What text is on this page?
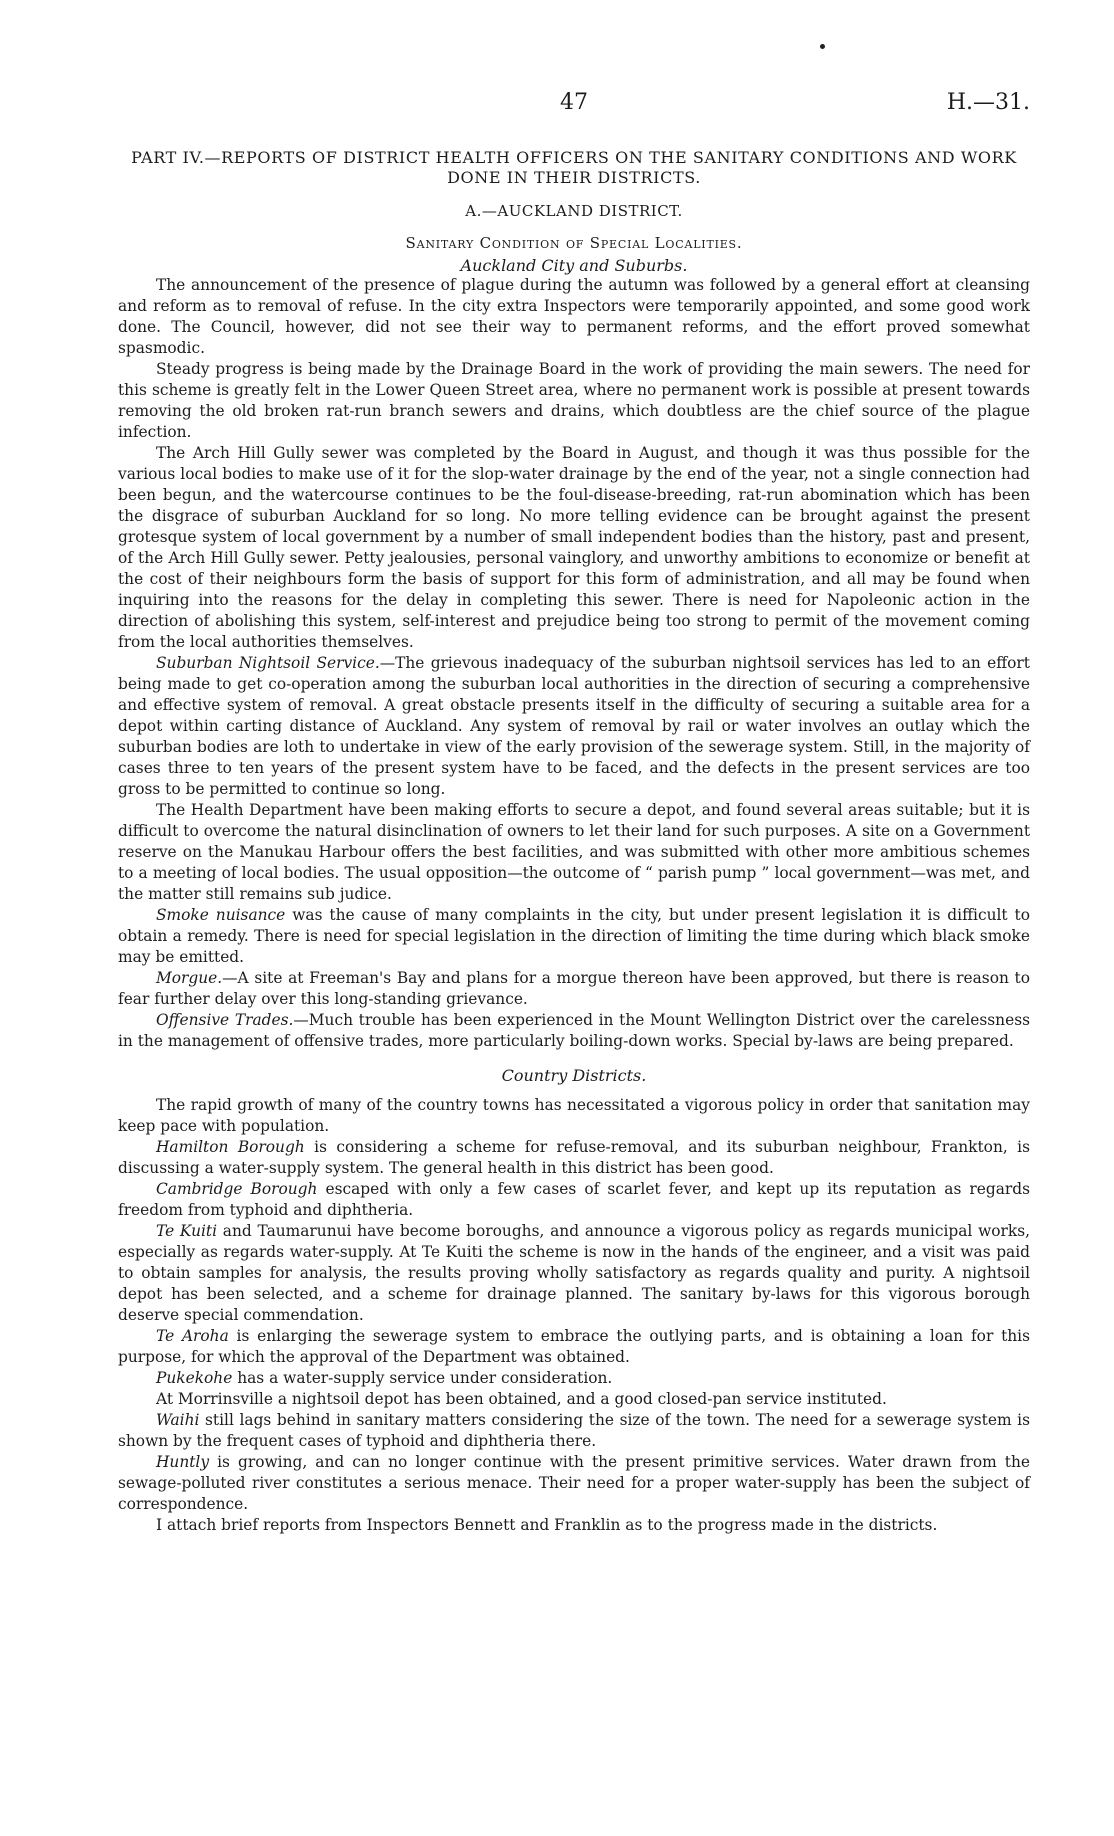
47	H.—31.
PART IV.—REPORTS OF DISTRICT HEALTH OFFICERS ON THE SANITARY CONDITIONS AND WORK DONE IN THEIR DISTRICTS.
A.—AUCKLAND DISTRICT.
Sanitary Condition of Special Localities.
Auckland City and Suburbs.

The announcement of the presence of plague during the autumn was followed by a general effort at cleansing and reform as to removal of refuse. In the city extra Inspectors were temporarily appointed, and some good work done. The Council, however, did not see their way to permanent reforms, and the effort proved somewhat spasmodic.

Steady progress is being made by the Drainage Board in the work of providing the main sewers. The need for this scheme is greatly felt in the Lower Queen Street area, where no permanent work is possible at present towards removing the old broken rat-run branch sewers and drains, which doubtless are the chief source of the plague infection.

The Arch Hill Gully sewer was completed by the Board in August, and though it was thus possible for the various local bodies to make use of it for the slop-water drainage by the end of the year, not a single connection had been begun, and the watercourse continues to be the foul-disease-breeding, rat-run abomination which has been the disgrace of suburban Auckland for so long. No more telling evidence can be brought against the present grotesque system of local government by a number of small independent bodies than the history, past and present, of the Arch Hill Gully sewer. Petty jealousies, personal vainglory, and unworthy ambitions to economize or benefit at the cost of their neighbours form the basis of support for this form of administration, and all may be found when inquiring into the reasons for the delay in completing this sewer. There is need for Napoleonic action in the direction of abolishing this system, self-interest and prejudice being too strong to permit of the movement coming from the local authorities themselves.

Suburban Nightsoil Service.—The grievous inadequacy of the suburban nightsoil services has led to an effort being made to get co-operation among the suburban local authorities in the direction of securing a comprehensive and effective system of removal. A great obstacle presents itself in the difficulty of securing a suitable area for a depot within carting distance of Auckland. Any system of removal by rail or water involves an outlay which the suburban bodies are loth to undertake in view of the early provision of the sewerage system. Still, in the majority of cases three to ten years of the present system have to be faced, and the defects in the present services are too gross to be permitted to continue so long.

The Health Department have been making efforts to secure a depot, and found several areas suitable; but it is difficult to overcome the natural disinclination of owners to let their land for such purposes. A site on a Government reserve on the Manukau Harbour offers the best facilities, and was submitted with other more ambitious schemes to a meeting of local bodies. The usual opposition—the outcome of “ parish pump ” local government—was met, and the matter still remains sub judice.

Smoke nuisance was the cause of many complaints in the city, but under present legislation it is difficult to obtain a remedy. There is need for special legislation in the direction of limiting the time during which black smoke may be emitted.

Morgue.—A site at Freeman's Bay and plans for a morgue thereon have been approved, but there is reason to fear further delay over this long-standing grievance.

Offensive Trades.—Much trouble has been experienced in the Mount Wellington District over the carelessness in the management of offensive trades, more particularly boiling-down works. Special by-laws are being prepared.

Country Districts.

The rapid growth of many of the country towns has necessitated a vigorous policy in order that sanitation may keep pace with population.

Hamilton Borough is considering a scheme for refuse-removal, and its suburban neighbour, Frankton, is discussing a water-supply system. The general health in this district has been good.

Cambridge Borough escaped with only a few cases of scarlet fever, and kept up its reputation as regards freedom from typhoid and diphtheria.

Te Kuiti and Taumarunui have become boroughs, and announce a vigorous policy as regards municipal works, especially as regards water-supply. At Te Kuiti the scheme is now in the hands of the engineer, and a visit was paid to obtain samples for analysis, the results proving wholly satisfactory as regards quality and purity. A nightsoil depot has been selected, and a scheme for drainage planned. The sanitary by-laws for this vigorous borough deserve special commendation.

Te Aroha is enlarging the sewerage system to embrace the outlying parts, and is obtaining a loan for this purpose, for which the approval of the Department was obtained.

Pukekohe has a water-supply service under consideration.

At Morrinsville a nightsoil depot has been obtained, and a good closed-pan service instituted.

Waihi still lags behind in sanitary matters considering the size of the town. The need for a sewerage system is shown by the frequent cases of typhoid and diphtheria there.

Huntly is growing, and can no longer continue with the present primitive services. Water drawn from the sewage-polluted river constitutes a serious menace. Their need for a proper water-supply has been the subject of correspondence.

I attach brief reports from Inspectors Bennett and Franklin as to the progress made in the districts.
